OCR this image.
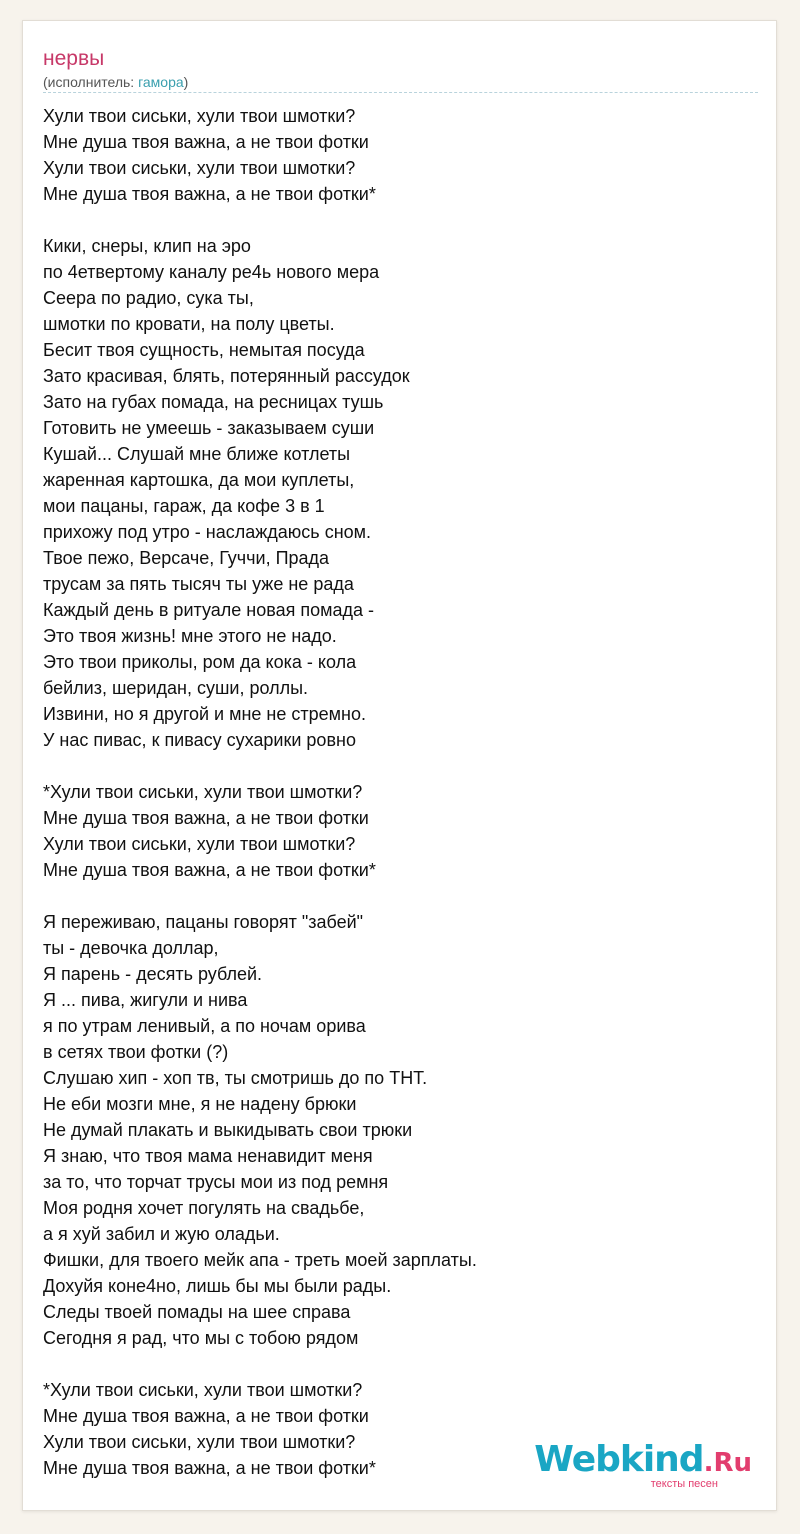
нервы
(исполнитель: гамора)
Хули твои сиськи, хули твои шмотки?
Мне душа твоя важна, а не твои фотки
Хули твои сиськи, хули твои шмотки?
Мне душа твоя важна, а не твои фотки*
Кики, снеры, клип на эро
по 4етвертому каналу ре4ь нового мера
Сеера по радио, сука ты,
шмотки по кровати, на полу цветы.
Бесит твоя сущность, немытая посуда
Зато красивая, блять, потерянный рассудок
Зато на губах помада, на ресницах тушь
Готовить не умеешь - заказываем суши
Кушай... Слушай мне ближе котлеты
жаренная картошка, да мои куплеты,
мои пацаны, гараж, да кофе 3 в 1
прихожу под утро - наслаждаюсь сном.
Твое пежо, Версаче, Гуччи, Прада
трусам за пять тысяч ты уже не рада
Каждый день в ритуале новая помада -
Это твоя жизнь! мне этого не надо.
Это твои приколы, ром да кока - кола
бейлиз, шеридан, суши, роллы.
Извини, но я другой и мне не стремно.
У нас пивас, к пивасу сухарики ровно
*Хули твои сиськи, хули твои шмотки?
Мне душа твоя важна, а не твои фотки
Хули твои сиськи, хули твои шмотки?
Мне душа твоя важна, а не твои фотки*
Я переживаю, пацаны говорят "забей"
ты - девочка доллар,
Я парень - десять рублей.
Я ... пива, жигули и нива
я по утрам ленивый, а по ночам орива
в сетях твои фотки (?)
Слушаю хип - хоп тв, ты смотришь до по ТНТ.
Не еби мозги мне, я не надену брюки
Не думай плакать и выкидывать свои трюки
Я знаю, что твоя мама ненавидит меня
за то, что торчат трусы мои из под ремня
Моя родня хочет погулять на свадьбе,
а я хуй забил и жую оладьи.
Фишки, для твоего мейк апа - треть моей зарплаты.
Дохуйя коне4но, лишь бы мы были рады.
Следы твоей помады на шее справа
Сегодня я рад, что мы с тобою рядом
*Хули твои сиськи, хули твои шмотки?
Мне душа твоя важна, а не твои фотки
Хули твои сиськи, хули твои шмотки?
Мне душа твоя важна, а не твои фотки*	Webkind.Ru
тексты песен
